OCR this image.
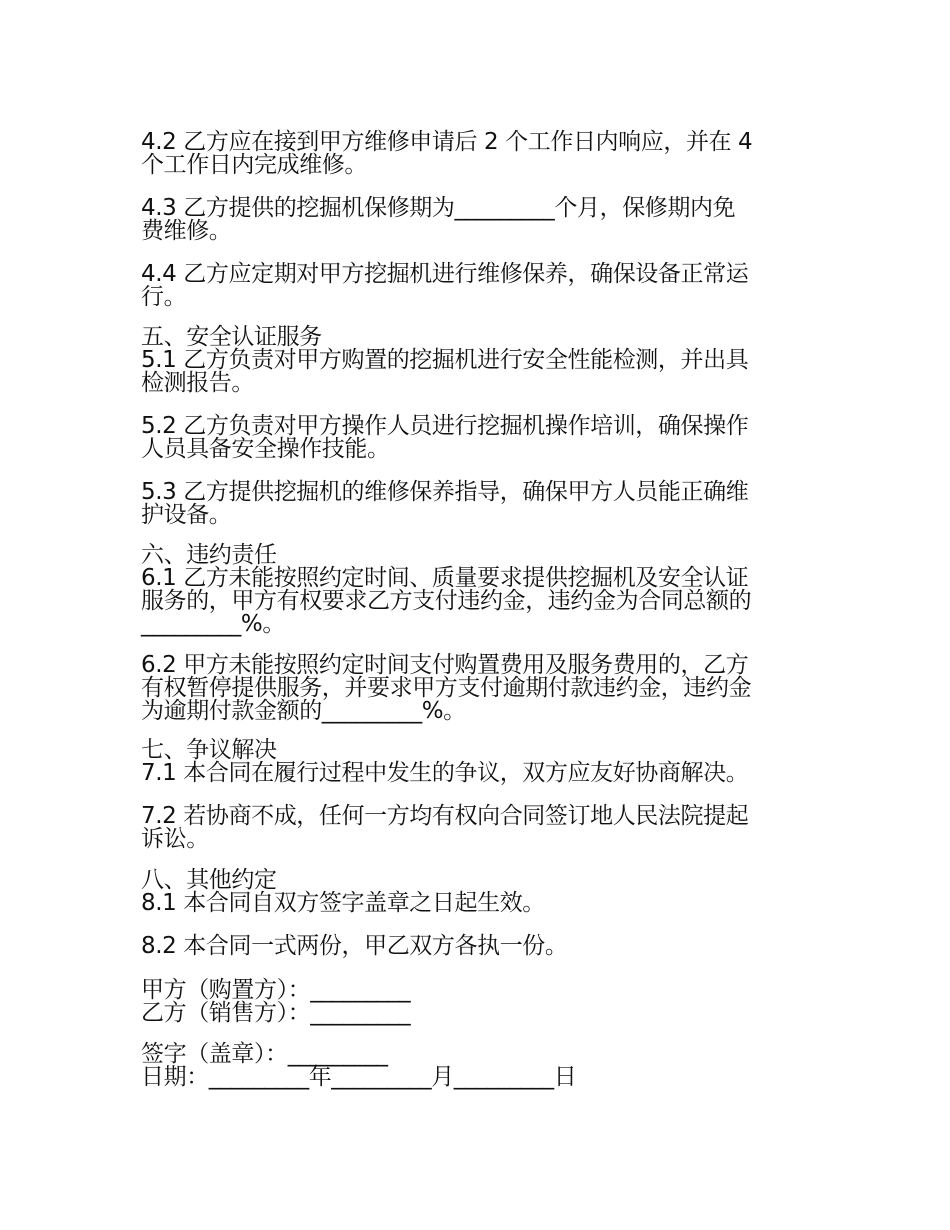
4.2 乙方应在接到甲方维修申请后 2 个工作日内响应，并在 4
个工作日内完成维修。
4.3 乙方提供的挖掘机保修期为_________个月，保修期内免
费维修。
4.4 乙方应定期对甲方挖掘机进行维修保养，确保设备正常运
行。
五、安全认证服务
5.1 乙方负责对甲方购置的挖掘机进行安全性能检测，并出具
检测报告。
5.2 乙方负责对甲方操作人员进行挖掘机操作培训，确保操作
人员具备安全操作技能。
5.3 乙方提供挖掘机的维修保养指导，确保甲方人员能正确维
护设备。
六、违约责任
6.1 乙方未能按照约定时间、质量要求提供挖掘机及安全认证
服务的，甲方有权要求乙方支付违约金，违约金为合同总额的
_________%。
6.2 甲方未能按照约定时间支付购置费用及服务费用的，乙方
有权暂停提供服务，并要求甲方支付逾期付款违约金，违约金
为逾期付款金额的_________%。
七、争议解决
7.1 本合同在履行过程中发生的争议，双方应友好协商解决。
7.2 若协商不成，任何一方均有权向合同签订地人民法院提起
诉讼。
八、其他约定
8.1 本合同自双方签字盖章之日起生效。
8.2 本合同一式两份，甲乙双方各执一份。
甲方（购置方）：_________
乙方（销售方）：_________
签字（盖章）：_________
日期：_________年_________月_________日
